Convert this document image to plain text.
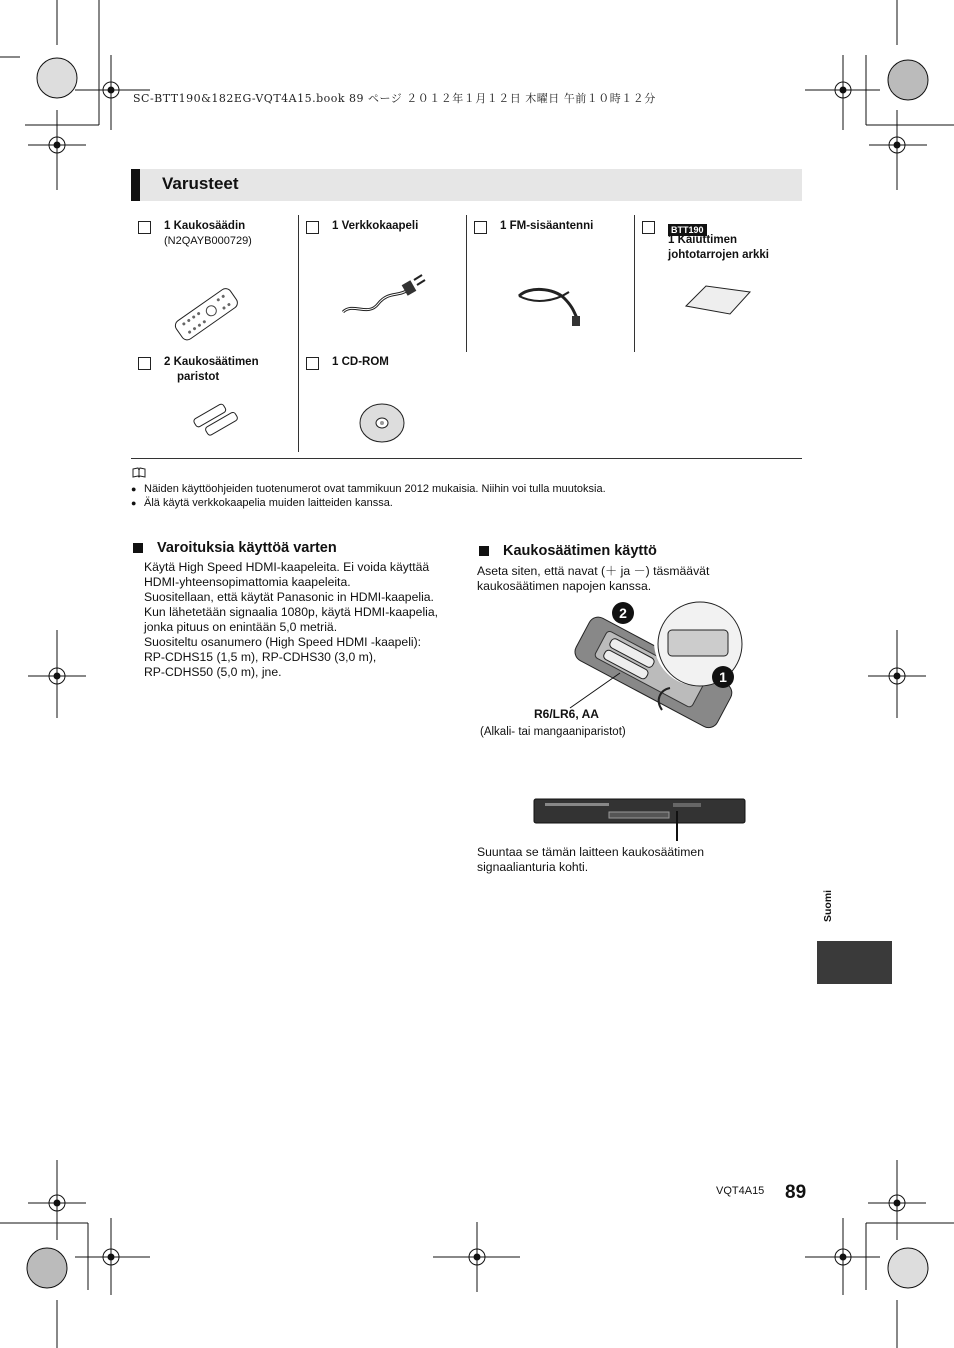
SC-BTT190&182EG-VQT4A15.book 89 ページ ２０１２年１月１２日 木曜日 午前１０時１２分
Varusteet
1 Kaukosäädin
(N2QAYB000729)
1 Verkkokaapeli	1 FM-sisäantenni	BTT190
1 Kaiuttimen
johtotarrojen arkki
2 Kaukosäätimen
paristot
1 CD-ROM
● Näiden käyttöohjeiden tuotenumerot ovat tammikuun 2012 mukaisia. Niihin voi tulla muutoksia.
● Älä käytä verkkokaapelia muiden laitteiden kanssa.
Varoituksia käyttöä varten
Käytä High Speed HDMI-kaapeleita. Ei voida käyttää
HDMI-yhteensopimattomia kaapeleita.
Suositellaan, että käytät Panasonic in HDMI-kaapelia.
Kun lähetetään signaalia 1080p, käytä HDMI-kaapelia,
jonka pituus on enintään 5,0 metriä.
Suositeltu osanumero (High Speed HDMI -kaapeli):
RP-CDHS15 (1,5 m), RP-CDHS30 (3,0 m),
RP-CDHS50 (5,0 m), jne.
Kaukosäätimen käyttö
Aseta siten, että navat (＋ ja －) täsmäävät
kaukosäätimen napojen kanssa.
2
1
R6/LR6, AA
(Alkali- tai mangaaniparistot)
Suuntaa se tämän laitteen kaukosäätimen
signaalianturia kohti.
Suomi
VQT4A15 89
